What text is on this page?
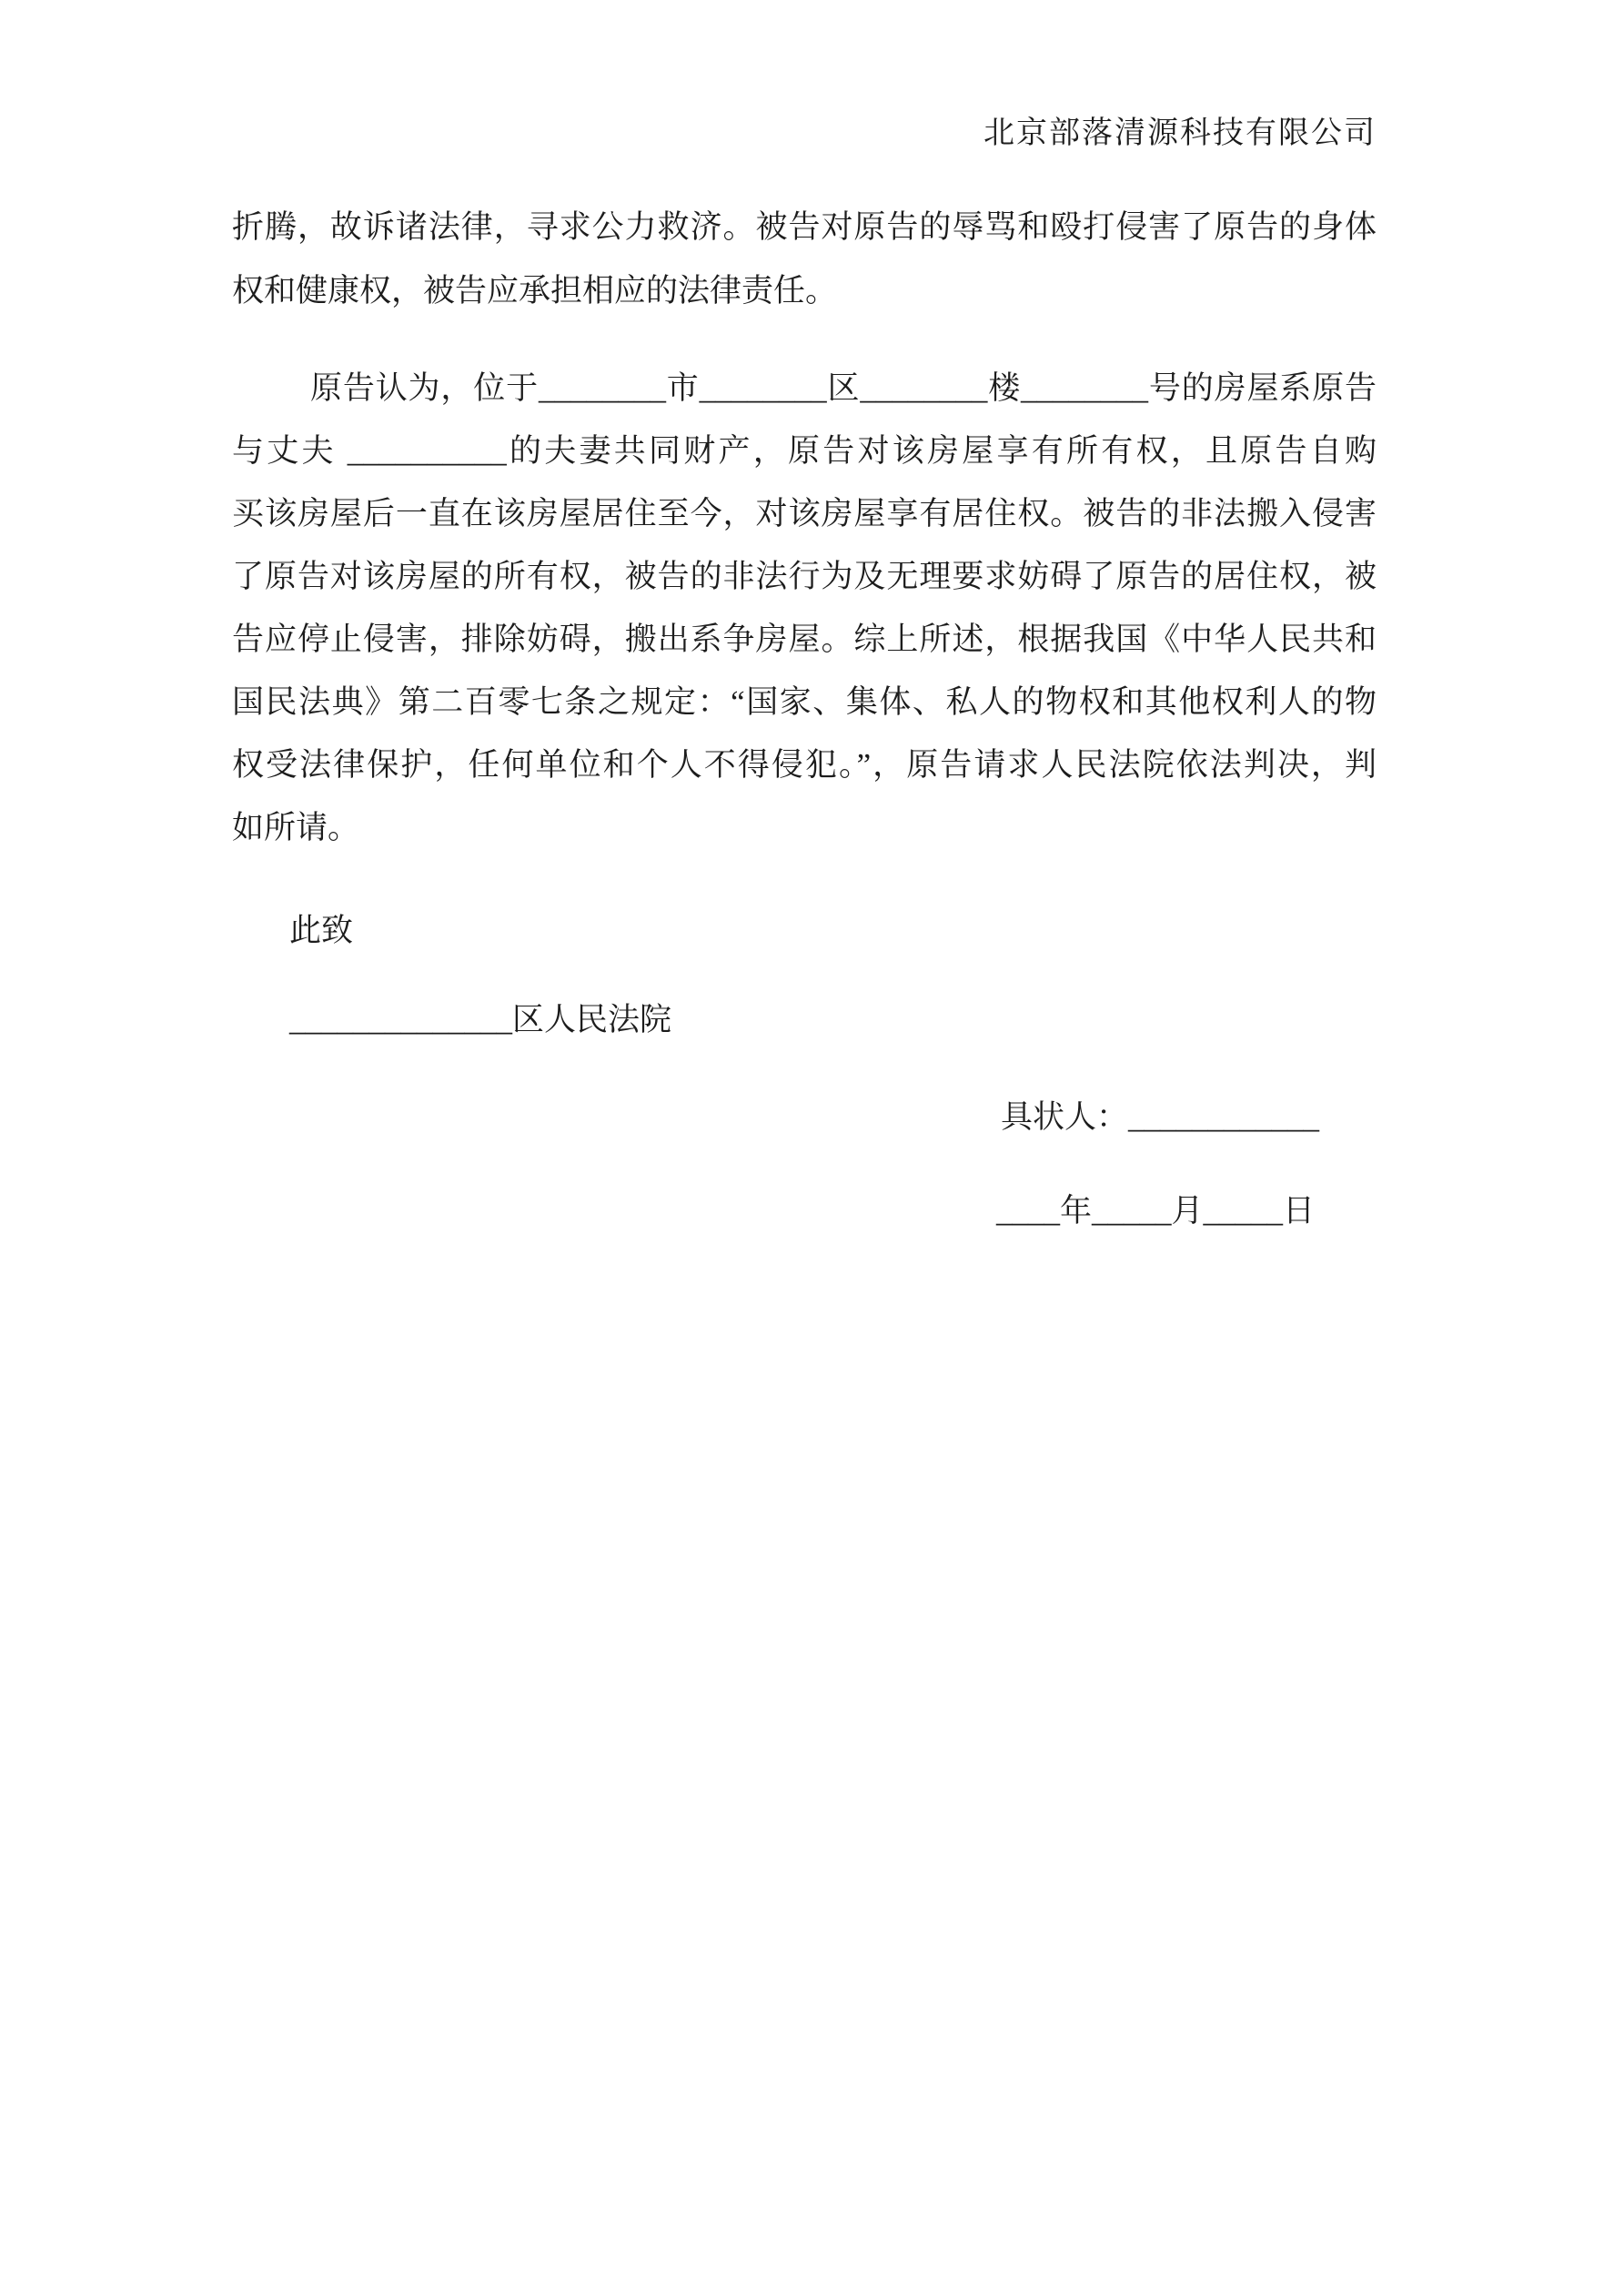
北京部落清源科技有限公司
折腾，故诉诸法律，寻求公力救济。被告对原告的辱骂和殴打侵害了原告的身体
权和健康权，被告应承担相应的法律责任。
原告认为，位于________市________区________楼________号的房屋系原告
与丈夫 __________的夫妻共同财产，原告对该房屋享有所有权，且原告自购
买该房屋后一直在该房屋居住至今，对该房屋享有居住权。被告的非法搬入侵害
了原告对该房屋的所有权，被告的非法行为及无理要求妨碍了原告的居住权，被
告应停止侵害，排除妨碍，搬出系争房屋。综上所述，根据我国《中华人民共和
国民法典》第二百零七条之规定：“国家、集体、私人的物权和其他权利人的物
权受法律保护，任何单位和个人不得侵犯。”，原告请求人民法院依法判决，判
如所请。
此致
______________区人民法院
具状人：____________
____年_____月_____日
